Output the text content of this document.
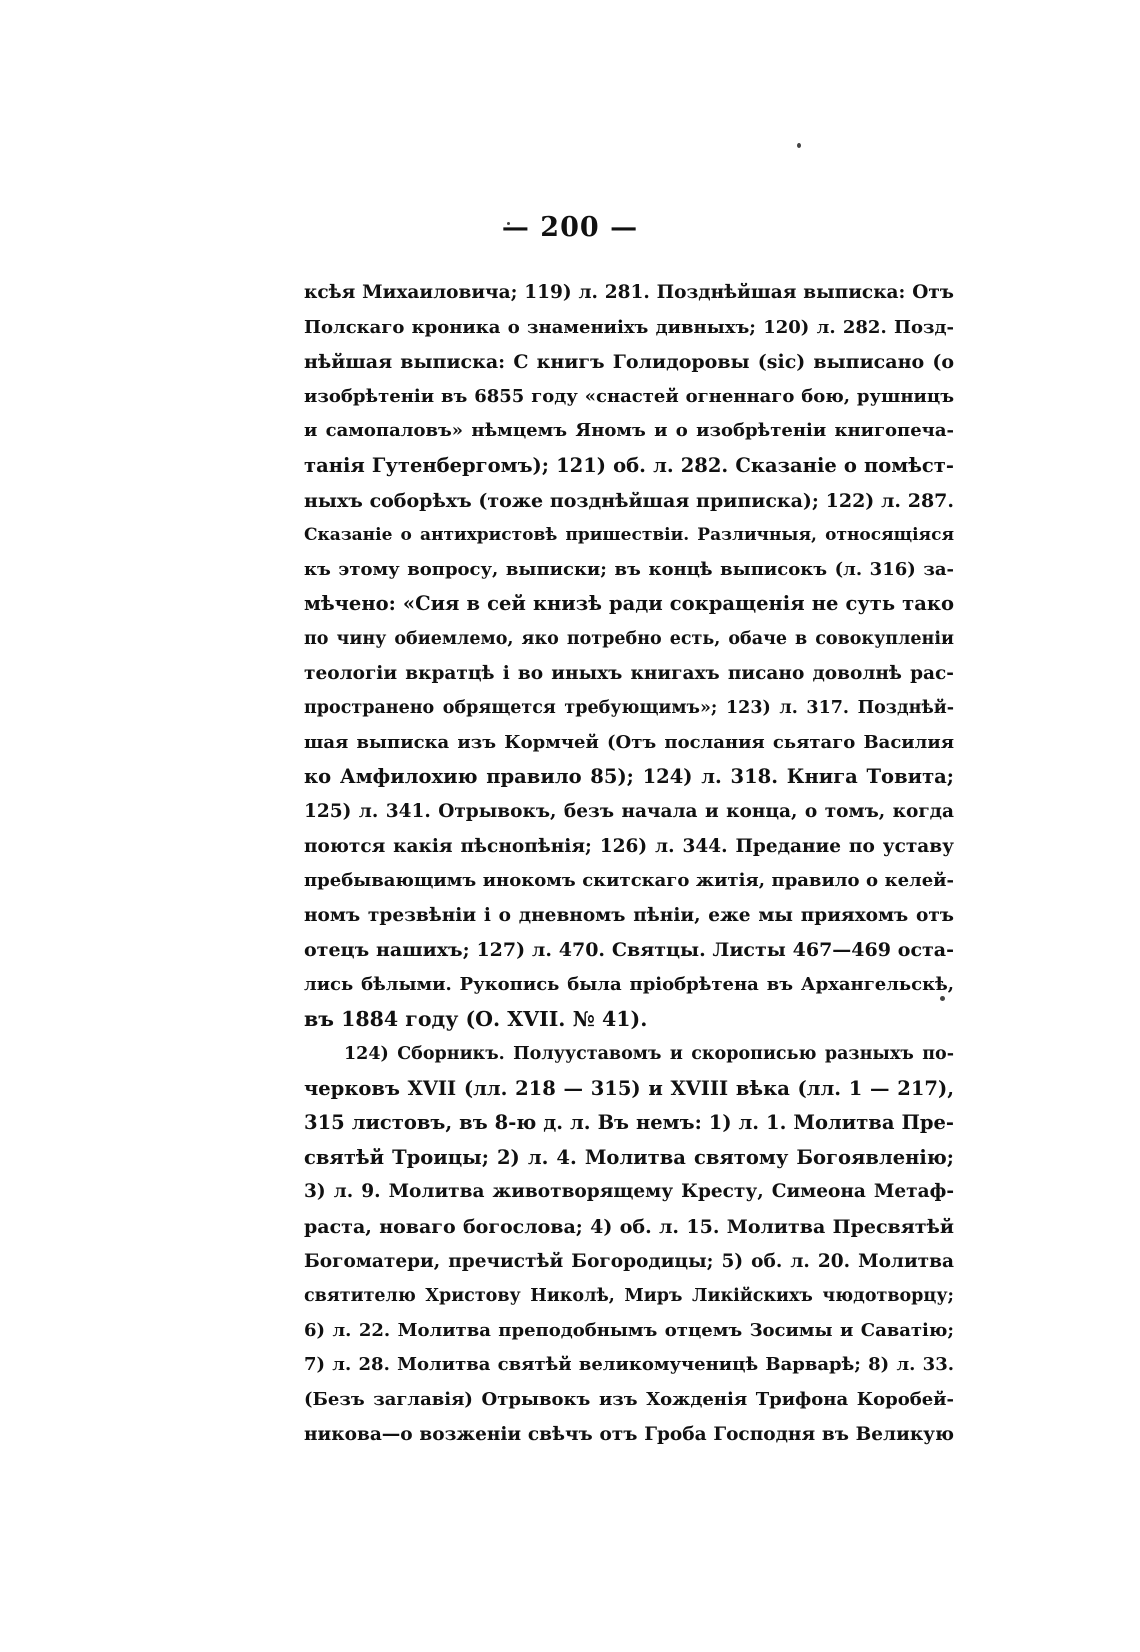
— 200 —
ксѣя Михаиловича; 119) л. 281. Позднѣйшая выписка: Отъ
Полскаго кроника о знамениіхъ дивныхъ; 120) л. 282. Позд-
нѣйшая выписка: С книгъ Голидоровы (sic) выписано (о
изобрѣтеніи въ 6855 году «снастей огненнаго бою, рушницъ
и самопаловъ» нѣмцемъ Яномъ и о изобрѣтеніи книгопеча-
танія Гутенбергомъ); 121) об. л. 282. Сказаніе о помѣст-
ныхъ соборѣхъ (тоже позднѣйшая приписка); 122) л. 287.
Сказаніе о антихристовѣ пришествіи. Различныя, относящіяся
къ этому вопросу, выписки; въ концѣ выписокъ (л. 316) за-
мѣчено: «Сия в сей книзѣ ради сокращенія не суть тако
по чину обиемлемо, яко потребно есть, обаче в совокупленіи
теологіи вкратцѣ і во иныхъ книгахъ писано доволнѣ рас-
пространено обрящется требующимъ»; 123) л. 317. Позднѣй-
шая выписка изъ Кормчей (Отъ послания сьятаго Василия
ко Амфилохию правило 85); 124) л. 318. Книга Товита;
125) л. 341. Отрывокъ, безъ начала и конца, о томъ, когда
поются какія пѣснопѣнія; 126) л. 344. Предание по уставу
пребывающимъ инокомъ скитскаго житія, правило о келей-
номъ трезвѣніи і о дневномъ пѣніи, еже мы прияхомъ отъ
отецъ нашихъ; 127) л. 470. Святцы. Листы 467—469 оста-
лись бѣлыми. Рукопись была пріобрѣтена въ Архангельскѣ,
въ 1884 году (О. XVII. № 41).
124) Сборникъ. Полууставомъ и скорописью разныхъ по-
черковъ XVII (лл. 218 — 315) и XVIII вѣка (лл. 1 — 217),
315 листовъ, въ 8-ю д. л. Въ немъ: 1) л. 1. Молитва Пре-
святѣй Троицы; 2) л. 4. Молитва святому Богоявленію;
3) л. 9. Молитва животворящему Кресту, Симеона Метаф-
раста, новаго богослова; 4) об. л. 15. Молитва Пресвятѣй
Богоматери, пречистѣй Богородицы; 5) об. л. 20. Молитва
святителю Христову Николѣ, Миръ Ликійскихъ чюдотворцу;
6) л. 22. Молитва преподобнымъ отцемъ Зосимы и Саватію;
7) л. 28. Молитва святѣй великомученицѣ Варварѣ; 8) л. 33.
(Безъ заглавія) Отрывокъ изъ Хожденія Трифона Коробей-
никова—о возженіи свѣчъ отъ Гроба Господня въ Великую
